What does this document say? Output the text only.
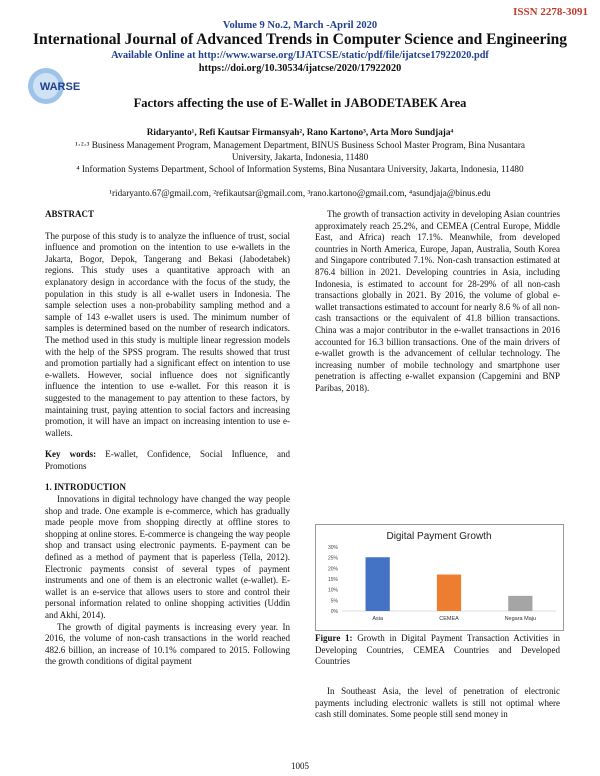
ISSN 2278-3091
Volume 9 No.2, March -April 2020
International Journal of Advanced Trends in Computer Science and Engineering
Available Online at http://www.warse.org/IJATCSE/static/pdf/file/ijatcse17922020.pdf
https://doi.org/10.30534/ijatcse/2020/17922020
WARSE
Factors affecting the use of E-Wallet in JABODETABEK Area
Ridaryanto¹, Refi Kautsar Firmansyah², Rano Kartono³, Arta Moro Sundjaja⁴
¹·²·³ Business Management Program, Management Department, BINUS Business School Master Program, Bina Nusantara University, Jakarta, Indonesia, 11480
⁴ Information Systems Department, School of Information Systems, Bina Nusantara University, Jakarta, Indonesia, 11480
¹ridaryanto.67@gmail.com, ²refikautsar@gmail.com, ³rano.kartono@gmail.com, ⁴asundjaja@binus.edu

ABSTRACT

The purpose of this study is to analyze the influence of trust, social influence and promotion on the intention to use e-wallets in the Jakarta, Bogor, Depok, Tangerang and Bekasi (Jabodetabek) regions. This study uses a quantitative approach with an explanatory design in accordance with the focus of the study, the population in this study is all e-wallet users in Indonesia. The sample selection uses a non-probability sampling method and a sample of 143 e-wallet users is used. The minimum number of samples is determined based on the number of research indicators. The method used in this study is multiple linear regression models with the help of the SPSS program. The results showed that trust and promotion partially had a significant effect on intention to use e-wallets. However, social influence does not significantly influence the intention to use e-wallet. For this reason it is suggested to the management to pay attention to these factors, by maintaining trust, paying attention to social factors and increasing promotion, it will have an impact on increasing intention to use e-wallets.

Key words: E-wallet, Confidence, Social Influence, and Promotions

1. INTRODUCTION

Innovations in digital technology have changed the way people shop and trade. One example is e-commerce, which has gradually made people move from shopping directly at offline stores to shopping at online stores. E-commerce is changeing the way people shop and transact using electronic payments. E-payment can be defined as a method of payment that is paperless (Tella, 2012). Electronic payments consist of several types of payment instruments and one of them is an electronic wallet (e-wallet). E-wallet is an e-service that allows users to store and control their personal information related to online shopping activities (Uddin and Akhi, 2014).

The growth of digital payments is increasing every year. In 2016, the volume of non-cash transactions in the world reached 482.6 billion, an increase of 10.1% compared to 2015. Following the growth conditions of digital payment

The growth of transaction activity in developing Asian countries approximately reach 25.2%, and CEMEA (Central Europe, Middle East, and Africa) reach 17.1%. Meanwhile, from developed countries in North America, Europe, Japan, Australia, South Korea and Singapore contributed 7.1%. Non-cash transaction estimated at 876.4 billion in 2021. Developing countries in Asia, including Indonesia, is estimated to account for 28-29% of all non-cash transactions globally in 2021. By 2016, the volume of global e-wallet transactions estimated to account for nearly 8.6 % of all non-cash transactions or the equivalent of 41.8 billion transactions. China was a major contributor in the e-wallet transactions in 2016 accounted for 16.3 billion transactions. One of the main drivers of e-wallet growth is the advancement of cellular technology. The increasing number of mobile technology and smartphone user penetration is affecting e-wallet expansion (Capgemini and BNP Paribas, 2018).

Digital Payment Growth
0%
5%
10%
15%
20%
25%
30%
Asia	CEMEA	Negara Maju
Figure 1: Growth in Digital Payment Transaction Activities in Developing Countries, CEMEA Countries and Developed Countries

In Southeast Asia, the level of penetration of electronic payments including electronic wallets is still not optimal where cash still dominates. Some people still send money in

1005
